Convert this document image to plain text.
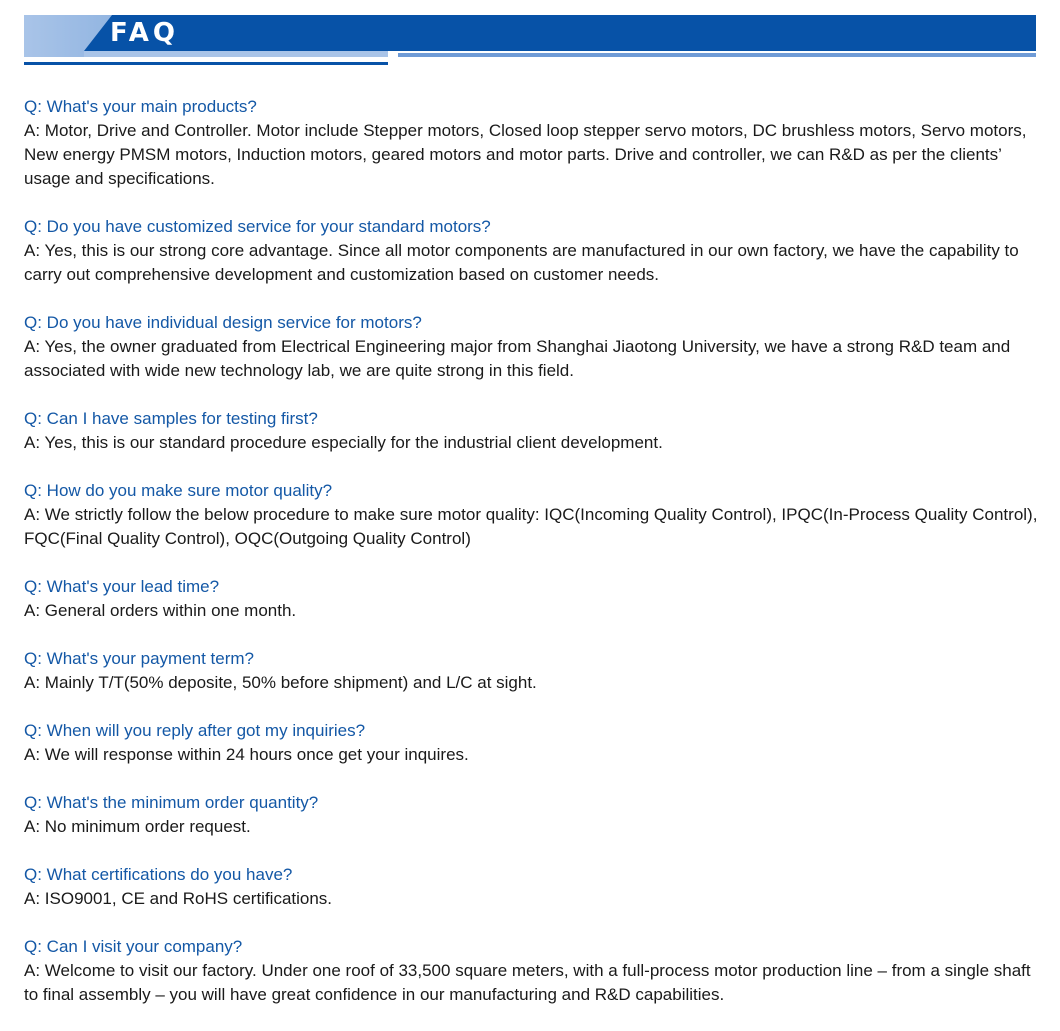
FAQ

Q: What's your main products?

A: Motor, Drive and Controller. Motor include Stepper motors, Closed loop stepper servo motors, DC brushless motors, Servo motors, New energy PMSM motors, Induction motors, geared motors and motor parts. Drive and controller, we can R&D as per the clients’ usage and specifications.

Q: Do you have customized service for your standard motors?

A: Yes, this is our strong core advantage. Since all motor components are manufactured in our own factory, we have the capability to carry out comprehensive development and customization based on customer needs.

Q: Do you have individual design service for motors?

A: Yes, the owner graduated from Electrical Engineering major from Shanghai Jiaotong University, we have a strong R&D team and associated with wide new technology lab, we are quite strong in this field.

Q: Can I have samples for testing first?

A: Yes, this is our standard procedure especially for the industrial client development.

Q: How do you make sure motor quality?

A: We strictly follow the below procedure to make sure motor quality: IQC(Incoming Quality Control), IPQC(In-Process Quality Control), FQC(Final Quality Control), OQC(Outgoing Quality Control)

Q: What's your lead time?

A: General orders within one month.

Q: What's your payment term?

A: Mainly T/T(50% deposite, 50% before shipment) and L/C at sight.

Q: When will you reply after got my inquiries?

A: We will response within 24 hours once get your inquires.

Q: What's the minimum order quantity?

A: No minimum order request.

Q: What certifications do you have?

A: ISO9001, CE and RoHS certifications.

Q: Can I visit your company?

A: Welcome to visit our factory. Under one roof of 33,500 square meters, with a full-process motor production line – from a single shaft to final assembly – you will have great confidence in our manufacturing and R&D capabilities.
